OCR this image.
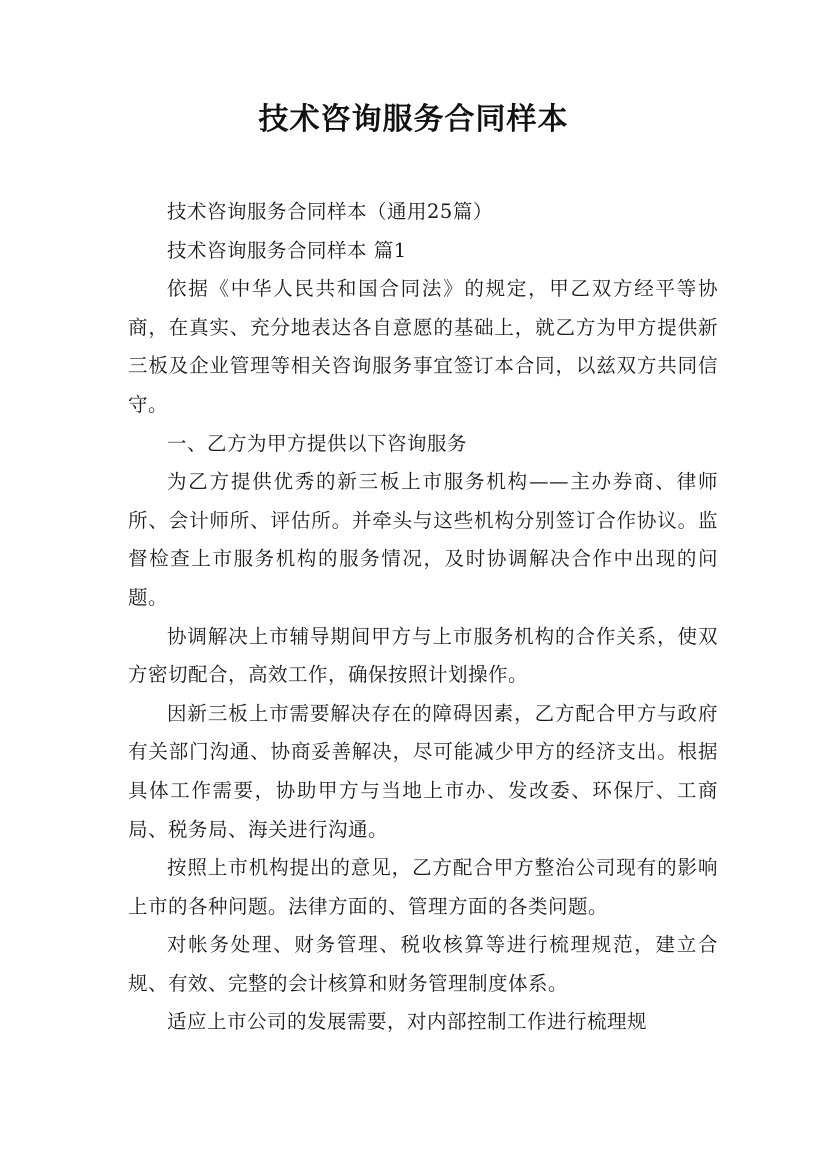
技术咨询服务合同样本

技术咨询服务合同样本（通用25篇）

技术咨询服务合同样本 篇1

依据《中华人民共和国合同法》的规定，甲乙双方经平等协商，在真实、充分地表达各自意愿的基础上，就乙方为甲方提供新三板及企业管理等相关咨询服务事宜签订本合同，以兹双方共同信守。

一、乙方为甲方提供以下咨询服务

为乙方提供优秀的新三板上市服务机构——主办券商、律师所、会计师所、评估所。并牵头与这些机构分别签订合作协议。监督检查上市服务机构的服务情况，及时协调解决合作中出现的问题。

协调解决上市辅导期间甲方与上市服务机构的合作关系，使双方密切配合，高效工作，确保按照计划操作。

因新三板上市需要解决存在的障碍因素，乙方配合甲方与政府有关部门沟通、协商妥善解决，尽可能减少甲方的经济支出。根据具体工作需要，协助甲方与当地上市办、发改委、环保厅、工商局、税务局、海关进行沟通。

按照上市机构提出的意见，乙方配合甲方整治公司现有的影响上市的各种问题。法律方面的、管理方面的各类问题。

对帐务处理、财务管理、税收核算等进行梳理规范，建立合规、有效、完整的会计核算和财务管理制度体系。

适应上市公司的发展需要，对内部控制工作进行梳理规
